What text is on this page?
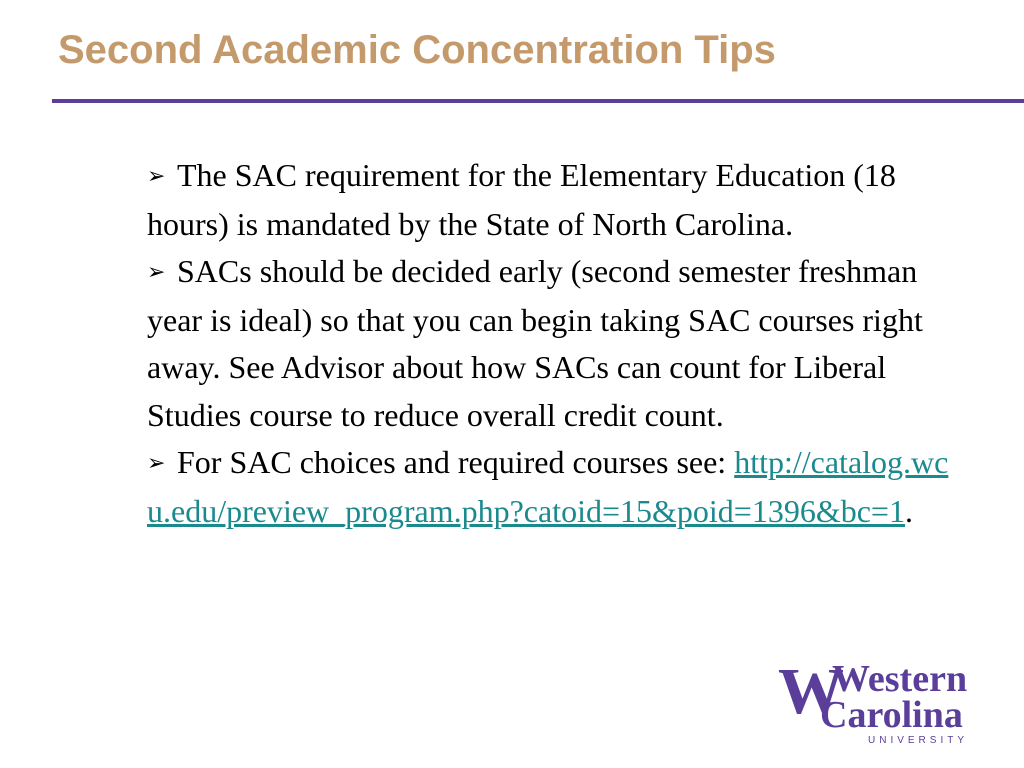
Second Academic Concentration Tips

➢ The SAC requirement for the Elementary Education (18 hours) is mandated by the State of North Carolina.

➢ SACs should be decided early (second semester freshman year is ideal) so that you can begin taking SAC courses right away. See Advisor about how SACs can count for Liberal Studies course to reduce overall credit count.

➢ For SAC choices and required courses see: http://catalog.wcu.edu/preview_program.php?catoid=15&poid=1396&bc=1.

W
Western
Carolina
UNIVERSITY
